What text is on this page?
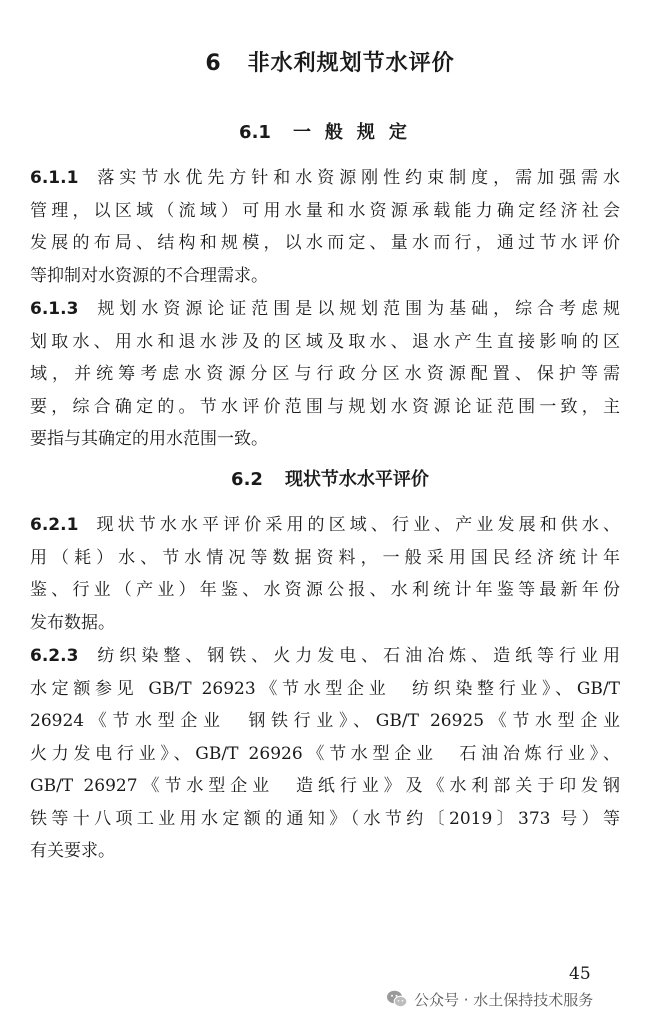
6 非水利规划节水评价
6.1 一般规定
6.1.1 落实节水优先方针和水资源刚性约束制度，需加强需水
管理，以区域（流域）可用水量和水资源承载能力确定经济社会
发展的布局、结构和规模，以水而定、量水而行，通过节水评价
等抑制对水资源的不合理需求。
6.1.3 规划水资源论证范围是以规划范围为基础，综合考虑规
划取水、用水和退水涉及的区域及取水、退水产生直接影响的区
域，并统筹考虑水资源分区与行政分区水资源配置、保护等需
要，综合确定的。节水评价范围与规划水资源论证范围一致，主
要指与其确定的用水范围一致。
6.2 现状节水水平评价
6.2.1 现状节水水平评价采用的区域、行业、产业发展和供水、
用（耗）水、节水情况等数据资料，一般采用国民经济统计年
鉴、行业（产业）年鉴、水资源公报、水利统计年鉴等最新年份
发布数据。
6.2.3 纺织染整、钢铁、火力发电、石油冶炼、造纸等行业用
水定额参见 GB/T 26923《节水型企业　纺织染整行业》、GB/T
26924《节水型企业　钢铁行业》、GB/T 26925《节水型企业
火力发电行业》、GB/T 26926《节水型企业　石油冶炼行业》、
GB/T 26927《节水型企业　造纸行业》及《水利部关于印发钢
铁等十八项工业用水定额的通知》（水节约〔2019〕373 号）等
有关要求。

45

公众号 · 水土保持技术服务
